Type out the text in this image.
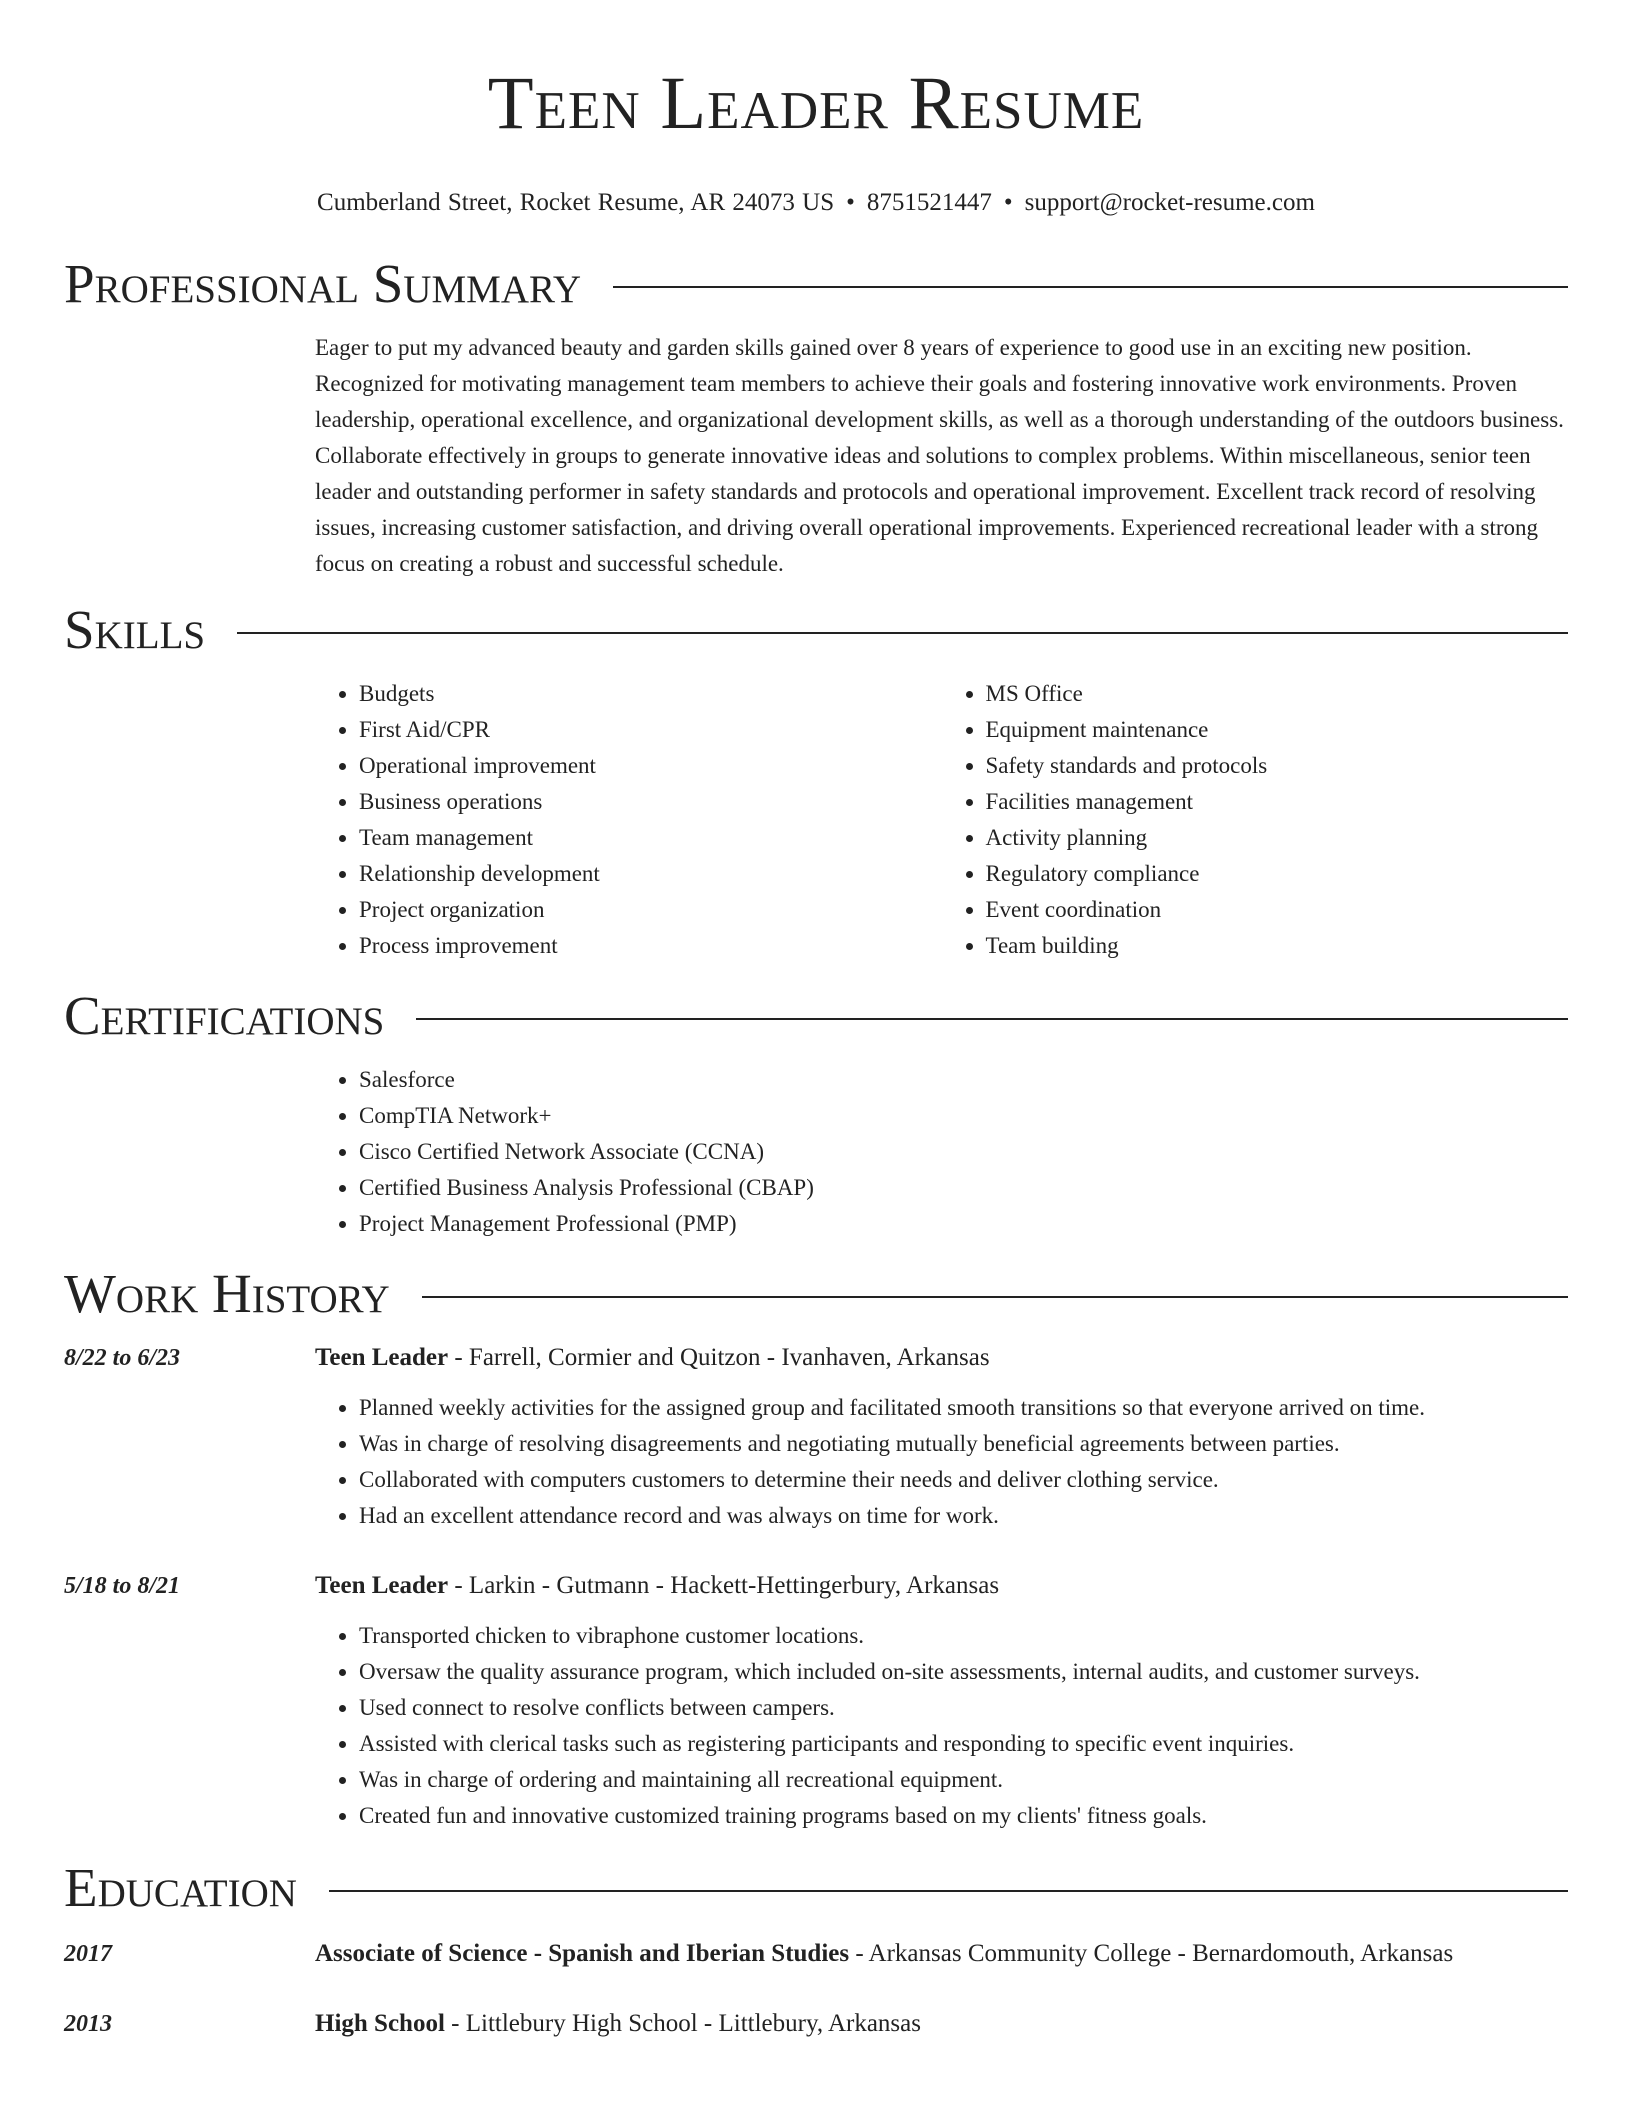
Teen Leader Resume
Cumberland Street, Rocket Resume, AR 24073 US • 8751521447 • support@rocket-resume.com
Professional Summary
Eager to put my advanced beauty and garden skills gained over 8 years of experience to good use in an exciting new position. Recognized for motivating management team members to achieve their goals and fostering innovative work environments. Proven leadership, operational excellence, and organizational development skills, as well as a thorough understanding of the outdoors business. Collaborate effectively in groups to generate innovative ideas and solutions to complex problems. Within miscellaneous, senior teen leader and outstanding performer in safety standards and protocols and operational improvement. Excellent track record of resolving issues, increasing customer satisfaction, and driving overall operational improvements. Experienced recreational leader with a strong focus on creating a robust and successful schedule.
Skills
• Budgets
• First Aid/CPR
• Operational improvement
• Business operations
• Team management
• Relationship development
• Project organization
• Process improvement
• MS Office
• Equipment maintenance
• Safety standards and protocols
• Facilities management
• Activity planning
• Regulatory compliance
• Event coordination
• Team building
Certifications
• Salesforce
• CompTIA Network+
• Cisco Certified Network Associate (CCNA)
• Certified Business Analysis Professional (CBAP)
• Project Management Professional (PMP)
Work History
8/22 to 6/23	Teen Leader - Farrell, Cormier and Quitzon - Ivanhaven, Arkansas
• Planned weekly activities for the assigned group and facilitated smooth transitions so that everyone arrived on time.
• Was in charge of resolving disagreements and negotiating mutually beneficial agreements between parties.
• Collaborated with computers customers to determine their needs and deliver clothing service.
• Had an excellent attendance record and was always on time for work.
5/18 to 8/21	Teen Leader - Larkin - Gutmann - Hackett-Hettingerbury, Arkansas
• Transported chicken to vibraphone customer locations.
• Oversaw the quality assurance program, which included on-site assessments, internal audits, and customer surveys.
• Used connect to resolve conflicts between campers.
• Assisted with clerical tasks such as registering participants and responding to specific event inquiries.
• Was in charge of ordering and maintaining all recreational equipment.
• Created fun and innovative customized training programs based on my clients' fitness goals.
Education
2017	Associate of Science - Spanish and Iberian Studies - Arkansas Community College - Bernardomouth, Arkansas
2013	High School - Littlebury High School - Littlebury, Arkansas
